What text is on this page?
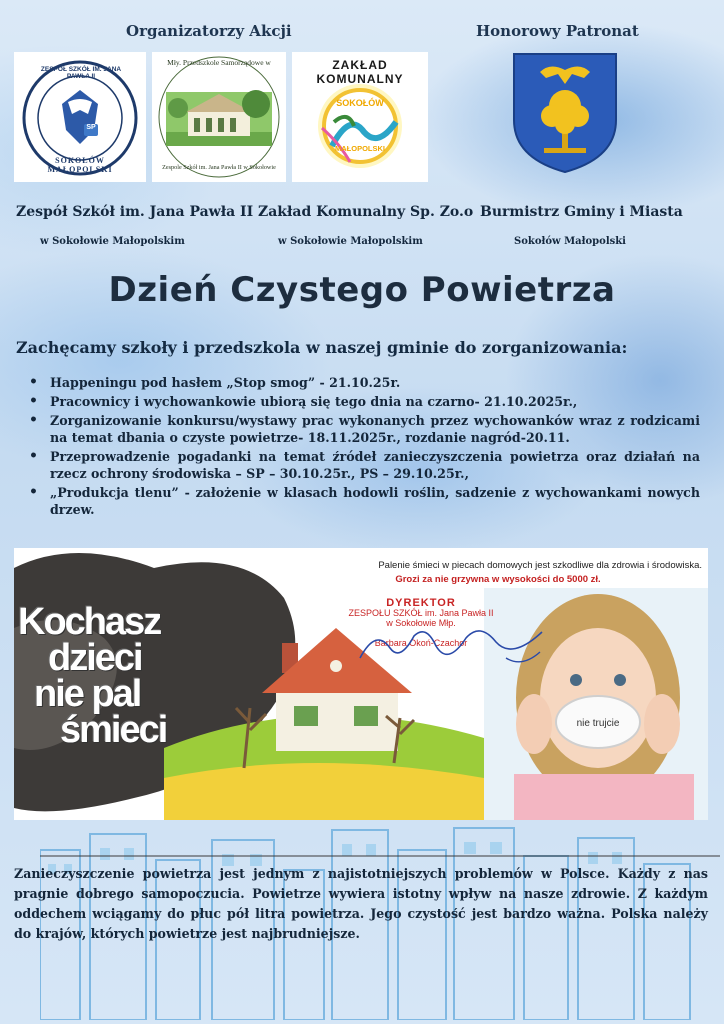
Organizatorzy Akcji	Honorowy Patronat
ZESPÓŁ SZKÓŁ IM. JANA PAWŁA II
SOKOŁÓW MAŁOPOLSKI
SP
Mły. Przedszkole Samorządowe w
Zespole Szkół im. Jana Pawła II w Sokołowie
ZAKŁAD KOMUNALNY
SOKOŁÓW
MAŁOPOLSKI
Zespół Szkół im. Jana Pawła II
w Sokołowie Małopolskim
Zakład Komunalny Sp. Zo.o
w Sokołowie Małopolskim
Burmistrz Gminy i Miasta
Sokołów Małopolski
Dzień Czystego Powietrza
Zachęcamy szkoły i przedszkola w naszej gminie do zorganizowania:
• Happeningu pod hasłem „Stop smog” - 21.10.25r.
• Pracownicy i wychowankowie ubiorą się tego dnia na czarno- 21.10.2025r.,
• Zorganizowanie konkursu/wystawy prac wykonanych przez wychowanków wraz z rodzicami na temat dbania o czyste powietrze- 18.11.2025r., rozdanie nagród-20.11.
• Przeprowadzenie pogadanki na temat źródeł zanieczyszczenia powietrza oraz działań na rzecz ochrony środowiska – SP – 30.10.25r., PS – 29.10.25r.,
• „Produkcja tlenu” - założenie w klasach hodowli roślin, sadzenie z wychowankami nowych drzew.
Palenie śmieci w piecach domowych jest szkodliwe dla zdrowia i środowiska.
Grozi za nie grzywna w wysokości do 5000 zł.
Kochasz
dzieci
nie pal
śmieci
DYREKTOR
ZESPOŁU SZKÓŁ im. Jana Pawła II
w Sokołowie Młp.
Barbara Okoń-Czachor
nie trujcie
Zanieczyszczenie powietrza jest jednym z najistotniejszych problemów w Polsce. Każdy z nas pragnie dobrego samopoczucia. Powietrze wywiera istotny wpływ na nasze zdrowie. Z każdym oddechem wciągamy do płuc pół litra powietrza. Jego czystość jest bardzo ważna. Polska należy do krajów, których powietrze jest najbrudniejsze.
